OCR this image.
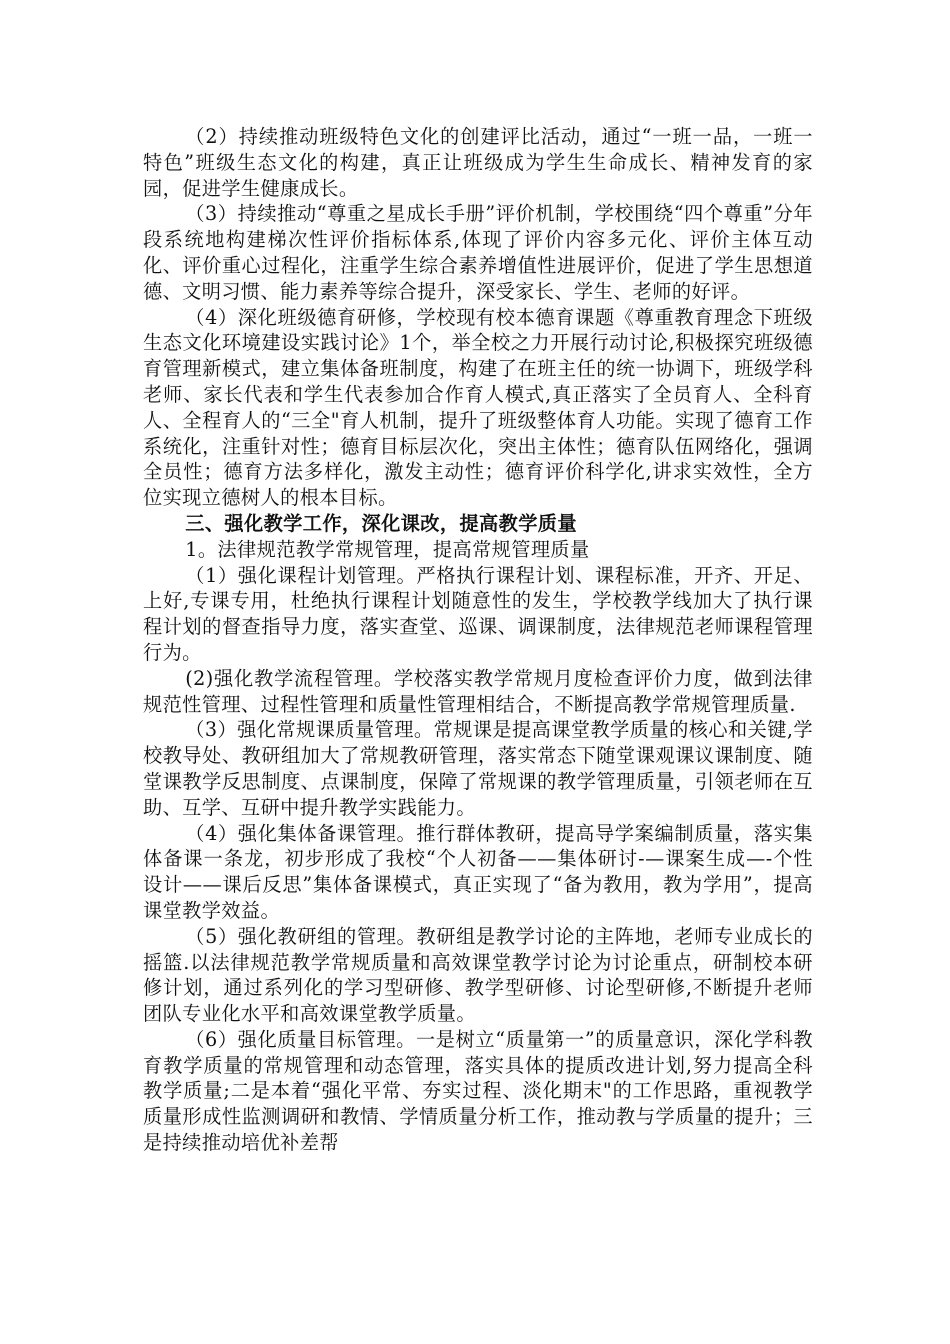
（2）持续推动班级特色文化的创建评比活动，通过“一班一品，一班一特色”班级生态文化的构建，真正让班级成为学生生命成长、精神发育的家园，促进学生健康成长。

（3）持续推动“尊重之星成长手册”评价机制，学校围绕“四个尊重”分年段系统地构建梯次性评价指标体系,体现了评价内容多元化、评价主体互动化、评价重心过程化，注重学生综合素养增值性进展评价，促进了学生思想道德、文明习惯、能力素养等综合提升，深受家长、学生、老师的好评。

（4）深化班级德育研修，学校现有校本德育课题《尊重教育理念下班级生态文化环境建设实践讨论》1个，举全校之力开展行动讨论,积极探究班级德育管理新模式，建立集体备班制度，构建了在班主任的统一协调下，班级学科老师、家长代表和学生代表参加合作育人模式,真正落实了全员育人、全科育人、全程育人的“三全"育人机制，提升了班级整体育人功能。实现了德育工作系统化，注重针对性；德育目标层次化，突出主体性；德育队伍网络化，强调全员性；德育方法多样化，激发主动性；德育评价科学化,讲求实效性，全方位实现立德树人的根本目标。

三、强化教学工作，深化课改，提高教学质量

1。法律规范教学常规管理，提高常规管理质量

（1）强化课程计划管理。严格执行课程计划、课程标准，开齐、开足、上好,专课专用，杜绝执行课程计划随意性的发生，学校教学线加大了执行课程计划的督查指导力度，落实查堂、巡课、调课制度，法律规范老师课程管理行为。

(2)强化教学流程管理。学校落实教学常规月度检查评价力度，做到法律规范性管理、过程性管理和质量性管理相结合，不断提高教学常规管理质量.

（3）强化常规课质量管理。常规课是提高课堂教学质量的核心和关键,学校教导处、教研组加大了常规教研管理，落实常态下随堂课观课议课制度、随堂课教学反思制度、点课制度，保障了常规课的教学管理质量，引领老师在互助、互学、互研中提升教学实践能力。

（4）强化集体备课管理。推行群体教研，提高导学案编制质量，落实集体备课一条龙，初步形成了我校“个人初备——集体研讨-—课案生成—-个性设计——课后反思”集体备课模式，真正实现了“备为教用，教为学用”，提高课堂教学效益。

（5）强化教研组的管理。教研组是教学讨论的主阵地，老师专业成长的摇篮.以法律规范教学常规质量和高效课堂教学讨论为讨论重点，研制校本研修计划，通过系列化的学习型研修、教学型研修、讨论型研修,不断提升老师团队专业化水平和高效课堂教学质量。

（6）强化质量目标管理。一是树立“质量第一”的质量意识，深化学科教育教学质量的常规管理和动态管理，落实具体的提质改进计划,努力提高全科教学质量;二是本着“强化平常、夯实过程、淡化期末"的工作思路，重视教学质量形成性监测调研和教情、学情质量分析工作，推动教与学质量的提升；三是持续推动培优补差帮
